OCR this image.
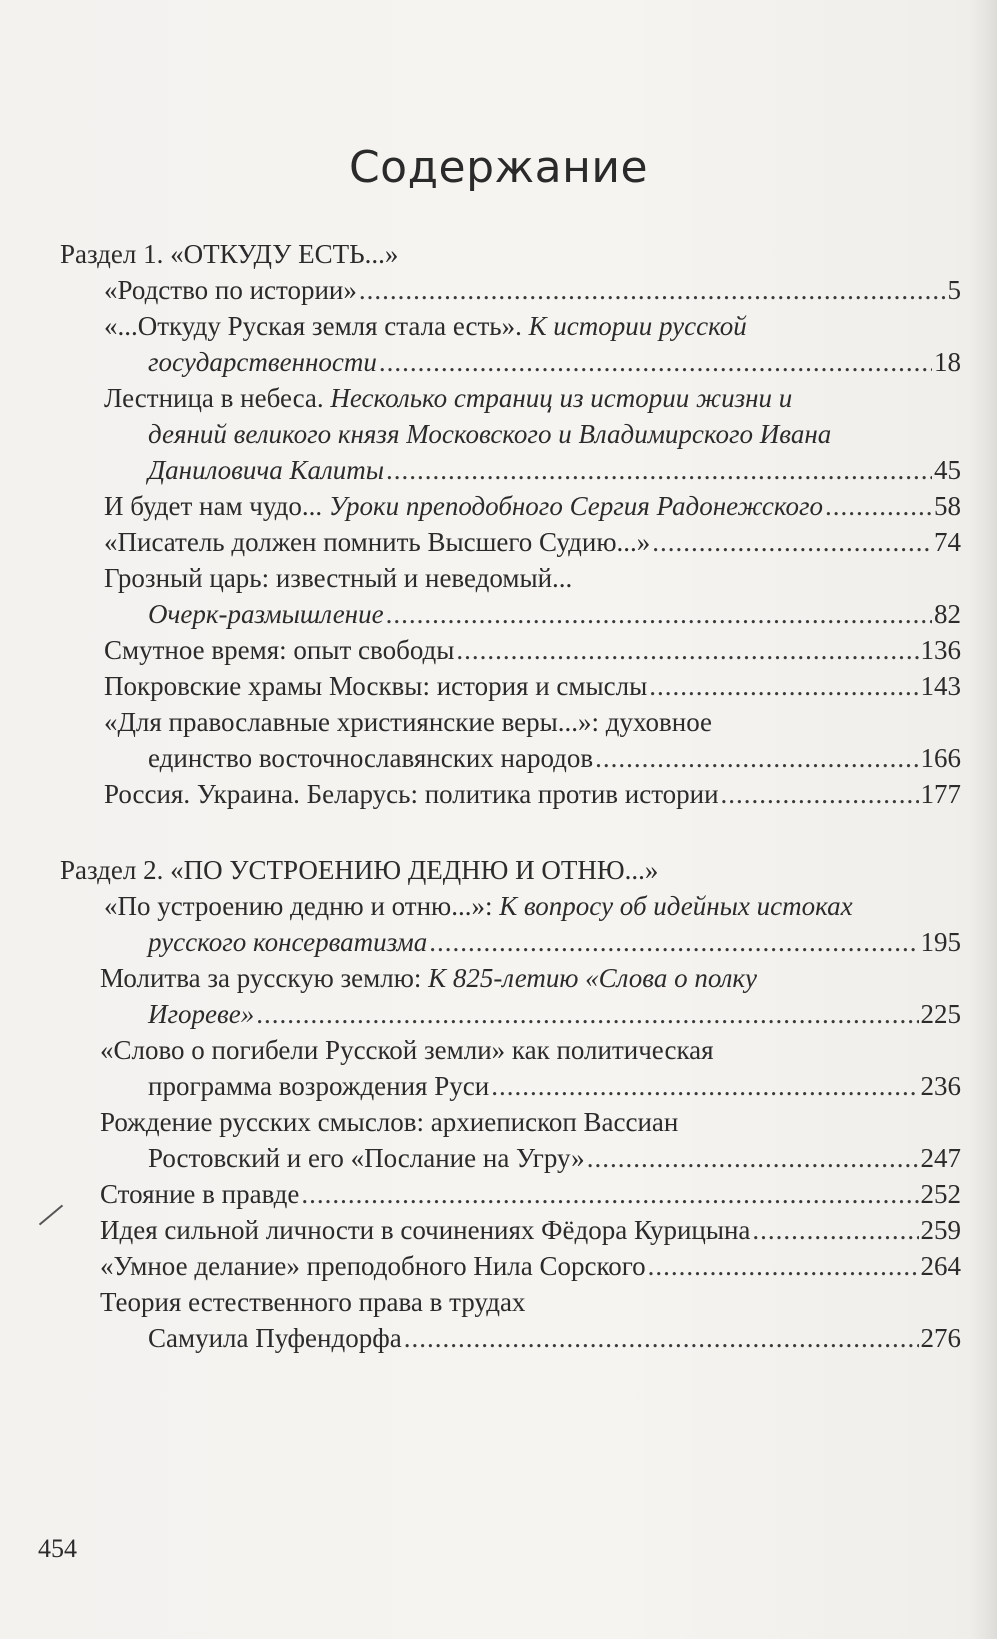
Содержание
Раздел 1. «ОТКУДУ ЕСТЬ...»
«Родство по истории» .....	5
«...Откуду Руская земля стала есть». К истории русской
государственности .....	18
Лестница в небеса. Несколько страниц из истории жизни и
деяний великого князя Московского и Владимирского Ивана
Даниловича Калиты .....	45
И будет нам чудо... Уроки преподобного Сергия Радонежского .....	58
«Писатель должен помнить Высшего Судию...» .....	74
Грозный царь: известный и неведомый...
Очерк-размышление .....	82
Смутное время: опыт свободы .....	136
Покровские храмы Москвы: история и смыслы .....	143
«Для православные християнские веры...»: духовное
единство восточнославянских народов .....	166
Россия. Украина. Беларусь: политика против истории .....	177
Раздел 2. «ПО УСТРОЕНИЮ ДЕДНЮ И ОТНЮ...»
«По устроению дедню и отню...»: К вопросу об идейных истоках
русского консерватизма .....	195
Молитва за русскую землю: К 825-летию «Слова о полку
Игореве» .....	225
«Слово о погибели Русской земли» как политическая
программа возрождения Руси .....	236
Рождение русских смыслов: архиепископ Вассиан
Ростовский и его «Послание на Угру» .....	247
Стояние в правде .....	252
Идея сильной личности в сочинениях Фёдора Курицына .....	259
«Умное делание» преподобного Нила Сорского .....	264
Теория естественного права в трудах
Самуила Пуфендорфа .....	276
454
